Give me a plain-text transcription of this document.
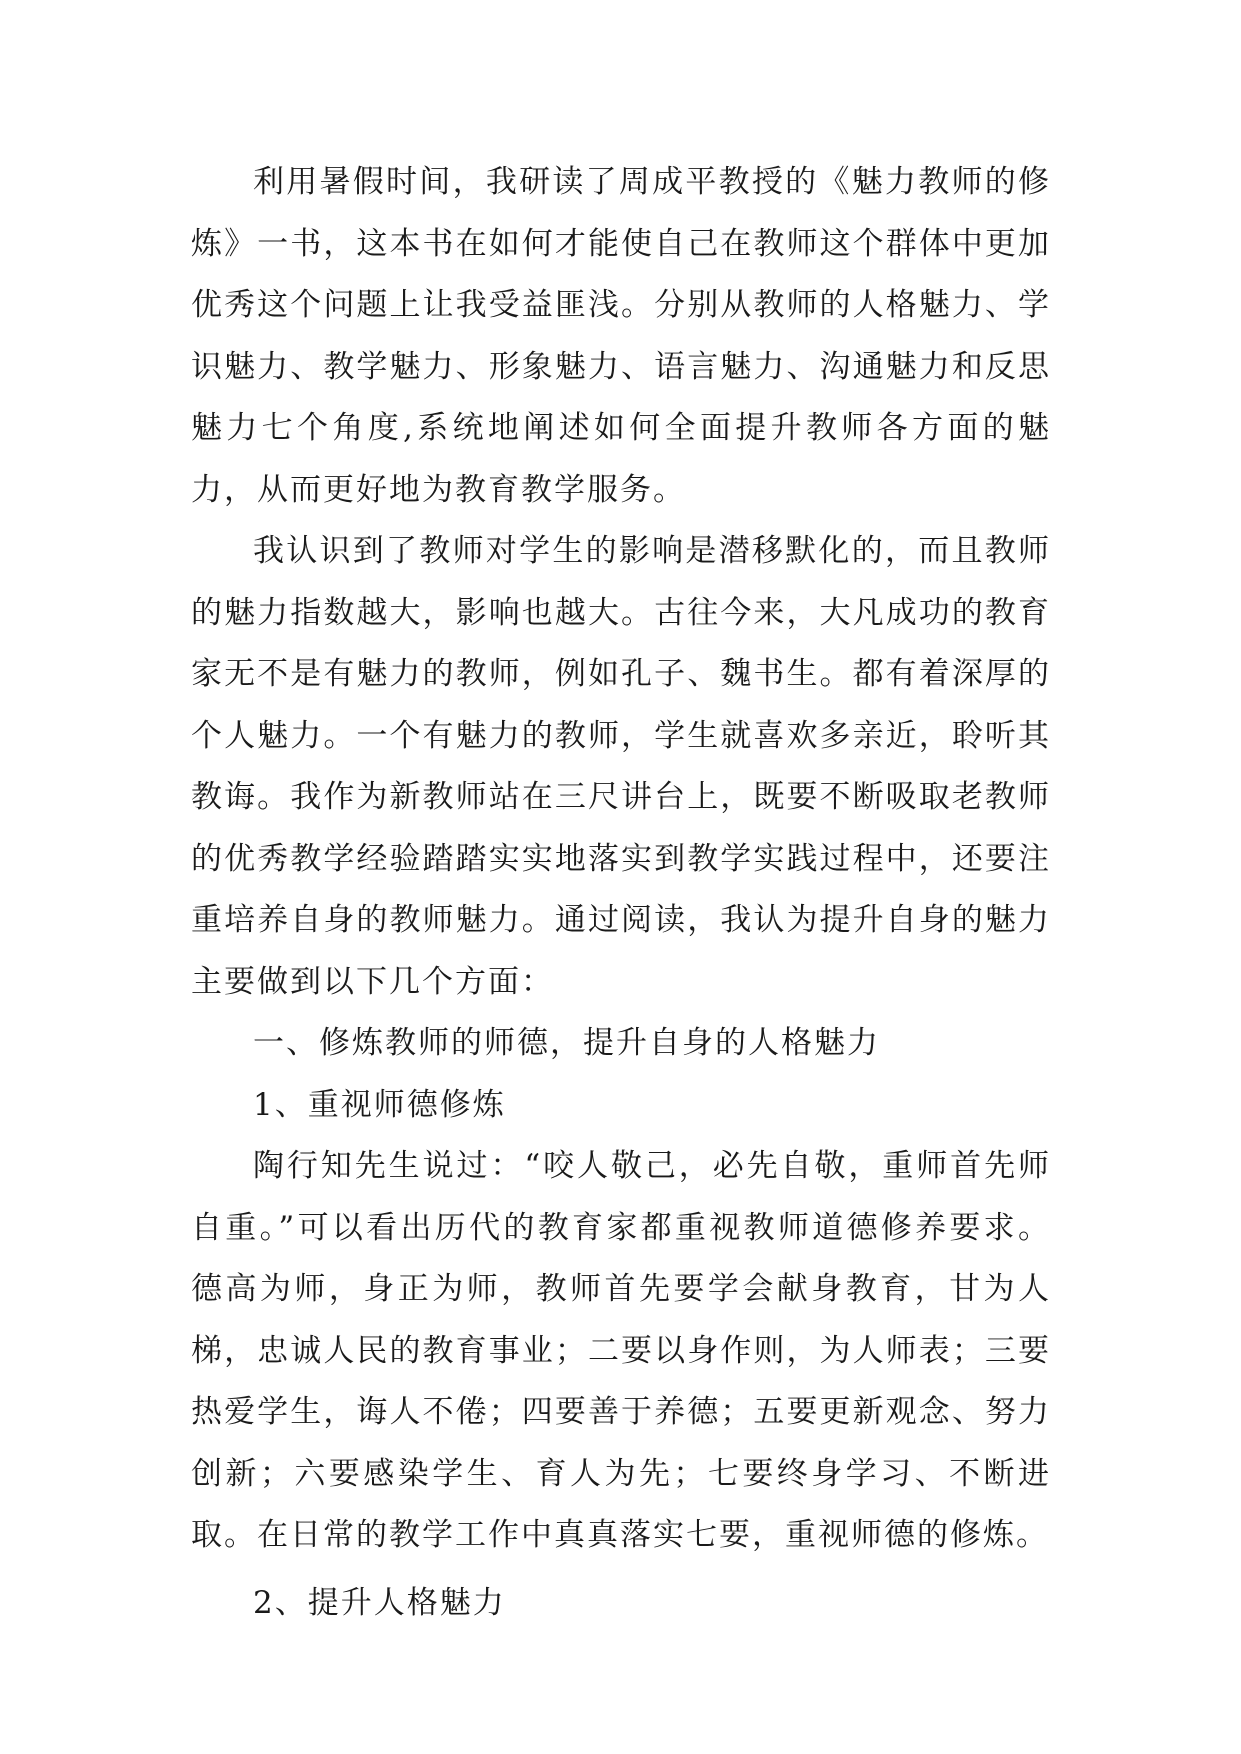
利用暑假时间，我研读了周成平教授的《魅力教师的修炼》一书，这本书在如何才能使自己在教师这个群体中更加优秀这个问题上让我受益匪浅。分别从教师的人格魅力、学识魅力、教学魅力、形象魅力、语言魅力、沟通魅力和反思魅力七个角度,系统地阐述如何全面提升教师各方面的魅力，从而更好地为教育教学服务。

我认识到了教师对学生的影响是潜移默化的，而且教师的魅力指数越大，影响也越大。古往今来，大凡成功的教育家无不是有魅力的教师，例如孔子、魏书生。都有着深厚的个人魅力。一个有魅力的教师，学生就喜欢多亲近，聆听其教诲。我作为新教师站在三尺讲台上，既要不断吸取老教师的优秀教学经验踏踏实实地落实到教学实践过程中，还要注重培养自身的教师魅力。通过阅读，我认为提升自身的魅力主要做到以下几个方面：

一、修炼教师的师德，提升自身的人格魅力

1、重视师德修炼

陶行知先生说过：“咬人敬己，必先自敬，重师首先师自重。”可以看出历代的教育家都重视教师道德修养要求。德高为师，身正为师，教师首先要学会献身教育，甘为人梯，忠诚人民的教育事业；二要以身作则，为人师表；三要热爱学生，诲人不倦；四要善于养德；五要更新观念、努力创新；六要感染学生、育人为先；七要终身学习、不断进取。在日常的教学工作中真真落实七要，重视师德的修炼。

2、提升人格魅力
